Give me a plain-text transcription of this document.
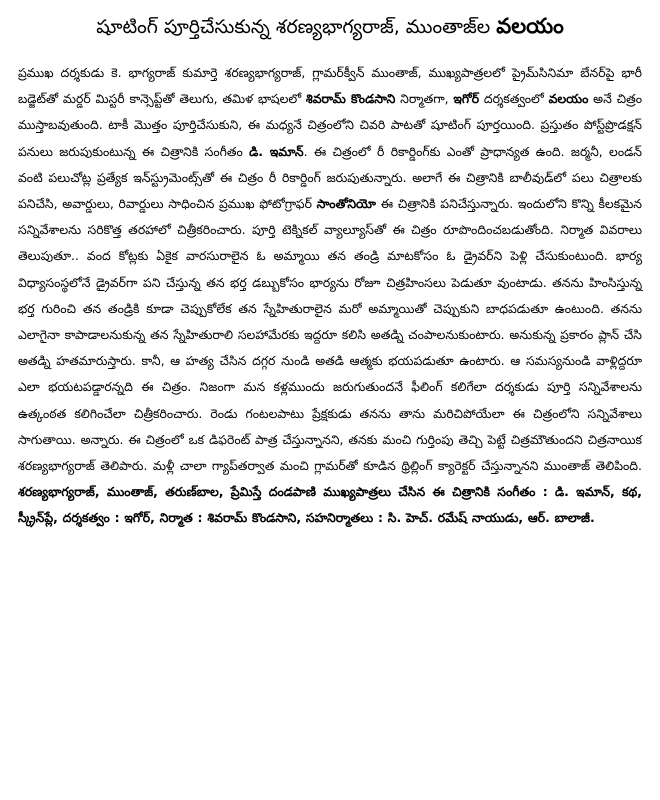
షూటింగ్ పూర్తిచేసుకున్న శరణ్యభాగ్యరాజ్, ముంతాజ్‌ల వలయం

ప్రముఖ దర్శకుడు కె. భాగ్యరాజ్ కుమార్తె శరణ్యభాగ్యరాజ్, గ్లామర్‌క్వీన్ ముంతాజ్, ముఖ్యపాత్రలలో ప్రైమ్‌సినిమా బేనర్‌పై భారీ బడ్జెట్‌తో మర్డర్ మిస్టరీ కాన్సెప్ట్‌తో తెలుగు, తమిళ భాషలలో శివరామ్ కొండసాని నిర్మాతగా, ఇగోర్ దర్శకత్వంలో వలయం అనే చిత్రం ముస్తాబవుతుంది. టాకీ మొత్తం పూర్తిచేసుకుని, ఈ మధ్యనే చిత్రంలోని చివరి పాటతో షూటింగ్ పూర్తయింది. ప్రస్తుతం పోస్ట్‌ప్రొడక్షన్ పనులు జరుపుకుంటున్న ఈ చిత్రానికి సంగీతం డి. ఇమాన్. ఈ చిత్రంలో రీ రికార్డింగ్‌కు ఎంతో ప్రాధాన్యత ఉంది. జర్మనీ, లండన్ వంటి పలుచోట్ల ప్రత్యేక ఇన్‌స్ట్రుమెంట్స్‌తో ఈ చిత్రం రీ రికార్డింగ్ జరుపుతున్నారు. అలాగే ఈ చిత్రానికి బాలీవుడ్‌లో పలు చిత్రాలకు పనిచేసి, అవార్డులు, రివార్డులు సాధించిన ప్రముఖ ఫోటోగ్రాఫర్ సాంతోనియో ఈ చిత్రానికి పనిచేస్తున్నారు. ఇందులోని కొన్ని కీలకమైన సన్నివేశాలను సరికొత్త తరహాలో చిత్రీకరించారు. పూర్తి టెక్నికల్ వ్యాల్యూస్‌తో ఈ చిత్రం రూపొందించబడుతోంది. నిర్మాత వివరాలు తెలుపుతూ.. వంద కోట్లకు ఏకైక వారసురాలైన ఓ అమ్మాయి తన తండ్రి మాటకోసం ఓ డ్రైవర్‌ని పెళ్లి చేసుకుంటుంది. భార్య విధ్యాసంస్థలోనే డ్రైవర్‌గా పని చేస్తున్న తన భర్త డబ్బుకోసం భార్యను రోజూ చిత్రహింసలు పెడుతూ వుంటాడు. తనను హింసిస్తున్న భర్త గురించి తన తండ్రికి కూడా చెప్పుకోలేక తన స్నేహితురాలైన మరో అమ్మాయితో చెప్పుకుని బాధపడుతూ ఉంటుంది. తనను ఎలాగైనా కాపాడాలనుకున్న తన స్నేహితురాలి సలహామేరకు ఇద్దరూ కలిసి అతడ్ని చంపాలనుకుంటారు. అనుకున్న ప్రకారం ప్లాన్ చేసి అతడ్ని హతమారుస్తారు. కానీ, ఆ హత్య చేసిన దగ్గర నుండి అతడి ఆత్మకు భయపడుతూ ఉంటారు. ఆ సమస్యనుండి వాళ్లిద్దరూ ఎలా భయటపడ్డారన్నది ఈ చిత్రం. నిజంగా మన కళ్లముందు జరుగుతుందనే ఫీలింగ్ కలిగేలా దర్శకుడు పూర్తి సన్నివేశాలను ఉత్కంఠత కలిగించేలా చిత్రీకరించారు. రెండు గంటలపాటు ప్రేక్షకుడు తనను తాను మరిచిపోయేలా ఈ చిత్రంలోని సన్నివేశాలు సాగుతాయి. అన్నారు. ఈ చిత్రంలో ఒక డిఫరెంట్ పాత్ర చేస్తున్నానని, తనకు మంచి గుర్తింపు తెచ్చి పెట్టే చిత్రమౌతుందని చిత్రనాయిక శరణ్యభాగ్యరాజ్ తెలిపారు. మళ్లీ చాలా గ్యాప్‌తర్వాత మంచి గ్లామర్‌తో కూడిన థ్రిల్లింగ్ క్యారెక్టర్ చేస్తున్నానని ముంతాజ్ తెలిపింది. శరణ్యభాగ్యరాజ్, ముంతాజ్, తరుణ్‌బాల, ప్రేమిస్తే దండపాణి ముఖ్యపాత్రలు చేసిన ఈ చిత్రానికి సంగీతం : డి. ఇమాన్, కథ, స్క్రీన్‌ప్లే, దర్శకత్వం : ఇగోర్, నిర్మాత : శివరామ్ కొండసాని, సహనిర్మాతలు : సి. హెచ్. రమేష్ నాయుడు, ఆర్. బాలాజీ.
